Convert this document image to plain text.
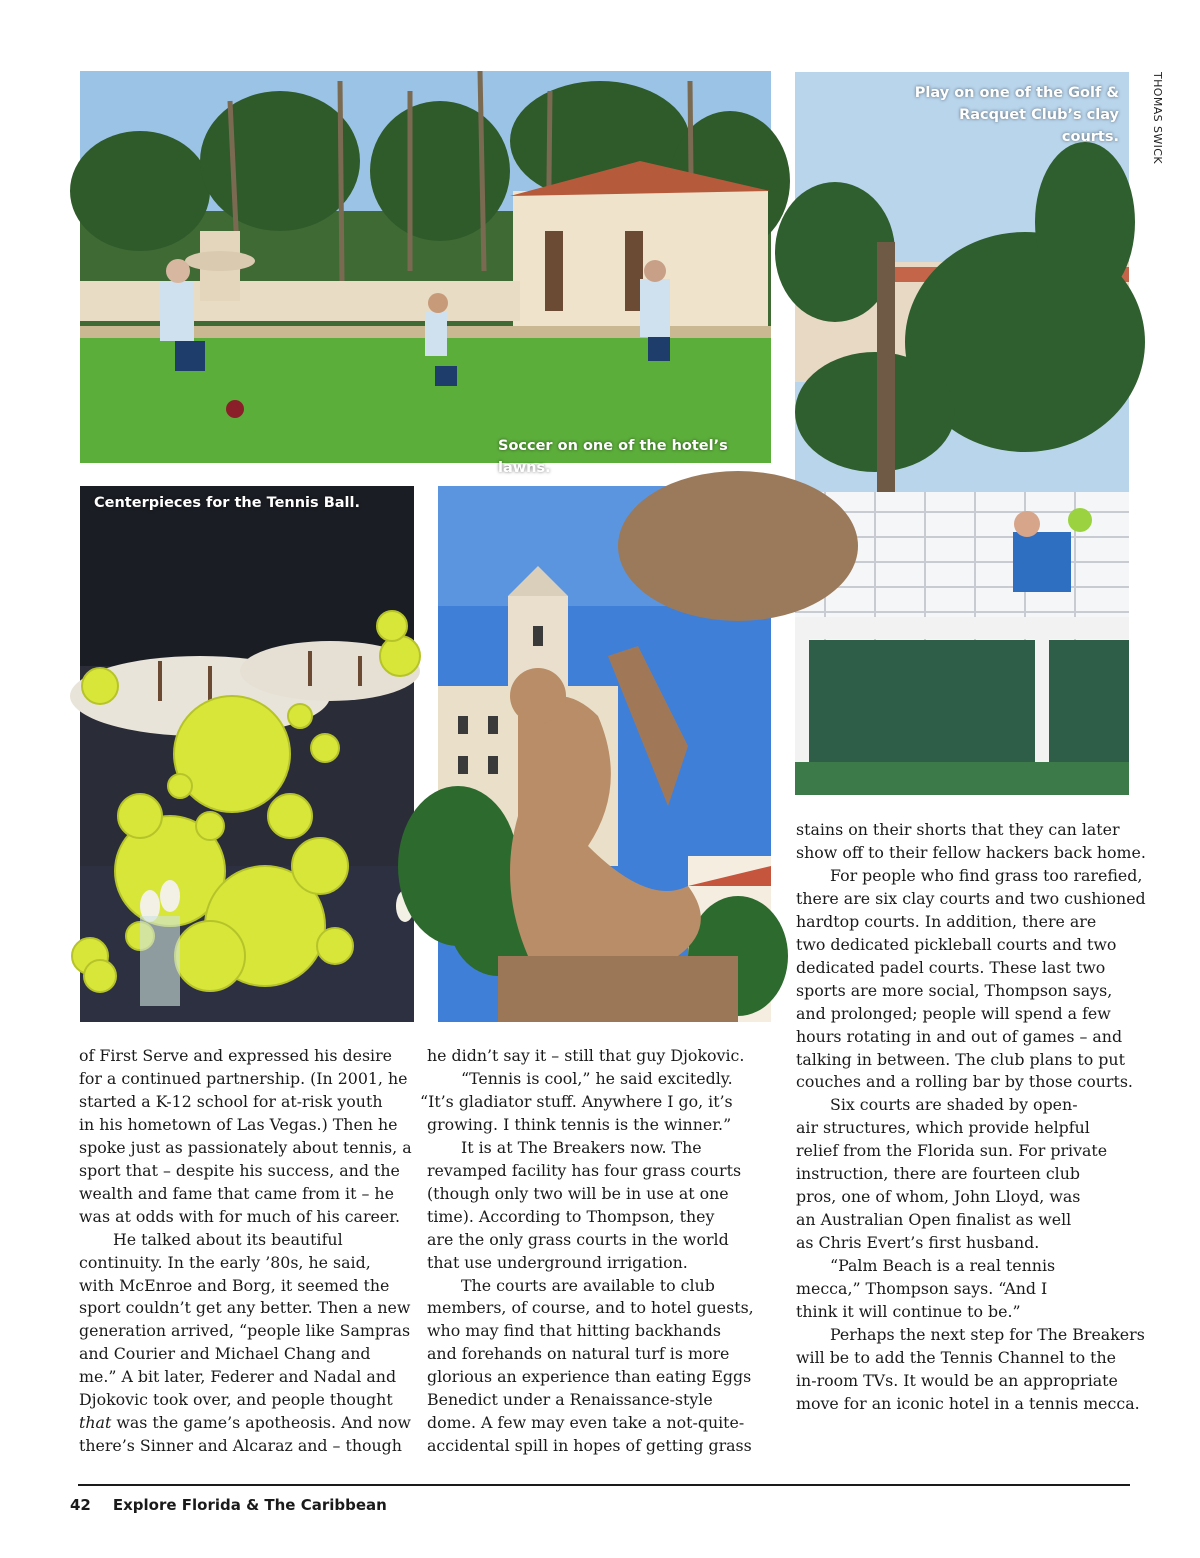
Soccer on one of the hotel’s lawns.
Play on one of the Golf & Racquet Club’s clay courts.
Centerpieces for the Tennis Ball.
THOMAS SWICK

of First Serve and expressed his desire

for a continued partnership. (In 2001, he

started a K-12 school for at-risk youth

in his hometown of Las Vegas.) Then he

spoke just as passionately about tennis, a

sport that – despite his success, and the

wealth and fame that came from it – he

was at odds with for much of his career.

He talked about its beautiful

continuity. In the early ’80s, he said,

with McEnroe and Borg, it seemed the

sport couldn’t get any better. Then a new

generation arrived, “people like Sampras

and Courier and Michael Chang and

me.” A bit later, Federer and Nadal and

Djokovic took over, and people thought

that was the game’s apotheosis. And now

there’s Sinner and Alcaraz and – though

he didn’t say it – still that guy Djokovic.

“Tennis is cool,” he said excitedly.

“It’s gladiator stuff. Anywhere I go, it’s

growing. I think tennis is the winner.”

It is at The Breakers now. The

revamped facility has four grass courts

(though only two will be in use at one

time). According to Thompson, they

are the only grass courts in the world

that use underground irrigation.

The courts are available to club

members, of course, and to hotel guests,

who may find that hitting backhands

and forehands on natural turf is more

glorious an experience than eating Eggs

Benedict under a Renaissance-style

dome. A few may even take a not-quite-

accidental spill in hopes of getting grass

stains on their shorts that they can later

show off to their fellow hackers back home.

For people who find grass too rarefied,

there are six clay courts and two cushioned

hardtop courts. In addition, there are

two dedicated pickleball courts and two

dedicated padel courts. These last two

sports are more social, Thompson says,

and prolonged; people will spend a few

hours rotating in and out of games – and

talking in between. The club plans to put

couches and a rolling bar by those courts.

Six courts are shaded by open-

air structures, which provide helpful

relief from the Florida sun. For private

instruction, there are fourteen club

pros, one of whom, John Lloyd, was

an Australian Open finalist as well

as Chris Evert’s first husband.

“Palm Beach is a real tennis

mecca,” Thompson says. “And I

think it will continue to be.”

Perhaps the next step for The Breakers

will be to add the Tennis Channel to the

in-room TVs. It would be an appropriate

move for an iconic hotel in a tennis mecca.

42 Explore Florida & The Caribbean
